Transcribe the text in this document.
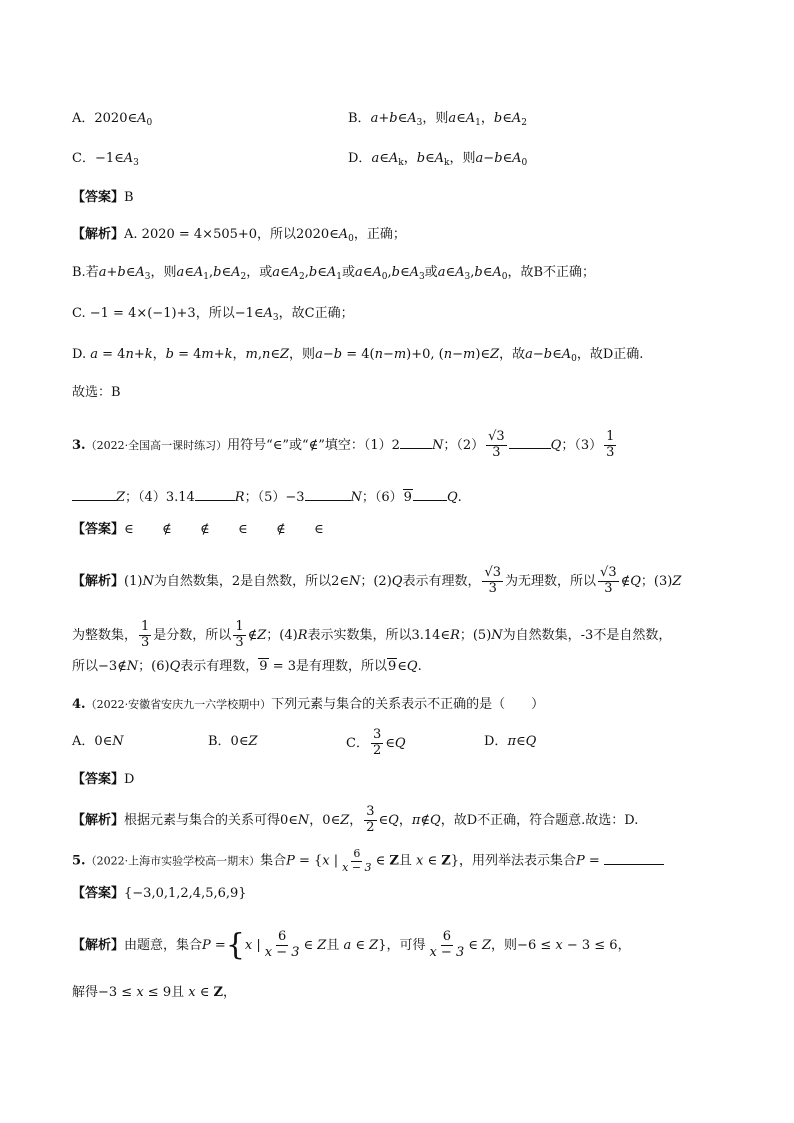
A．$2020\in A_0$	B．$a+b\in A_3$，则$a\in A_1$，$b\in A_2$
C．$-1\in A_3$	D．$a\in A_k$，$b\in A_k$，则$a-b\in A_0$
【答案】B
【解析】A. 2020 = 4×505+0，所以$2020\in A_0$，正确；
B.若$a+b\in A_3$，则$a\in A_1,b\in A_2$，或$a\in A_2,b\in A_1$或$a\in A_0,b\in A_3$或$a\in A_3,b\in A_0$，故B不正确；
C. −1 = 4×(−1)+3，所以$-1\in A_3$，故C正确；
D. a = 4n+k，b = 4m+k，m,n∈Z，则a−b = 4(n−m)+0, (n−m)∈Z，故$a-b\in A_0$，故D正确.
故选：B
3.（2022·全国高一课时练习）用符号“∈”或“∉”填空：（1）2 N；$(2) \frac{√3}{3}$	Q；$(3) \frac{1}{3}$
Z；（4）3.14	R；（5）−3	N；（6）9	Q.
【答案】∈ ∉ ∉ ∈ ∉ ∈
【解析】(1)N为自然数集，2是自然数，所以2∈N；(2)Q表示有理数， $\frac{√3}{3}$ 为无理数，所以 $\frac{√3}{3}$ ∉Q；(3)Z
为整数集， $\frac{1}{3}$ 是分数，所以 $\frac{1}{3}$ ∉Z；(4)R表示实数集，所以3.14∈R；(5)N为自然数集，-3不是自然数，
所以−3∉N；(6)Q表示有理数，9 = 3是有理数，所以9∈Q.
4.（2022·安徽省安庆九一六学校期中）下列元素与集合的关系表示不正确的是（　　）
A．0∈N	B．0∈Z	C． $\frac{3}{2}$ ∈Q	D．π∈Q
【答案】D
【解析】根据元素与集合的关系可得0∈N，0∈Z， $\frac{3}{2}$ ∈Q，π∉Q，故D不正确，符合题意.故选：D.
5.（2022·上海市实验学校高一期末）集合P = {x | $\frac{6}{x - 3}$ ∈ Z且 x ∈ Z}，用列举法表示集合P =
【答案】{−3,0,1,2,4,5,6,9}
【解析】由题意，集合P ={x | $\frac{6}{x - 3}$ ∈ Z且 a ∈ Z}，可得 $\frac{6}{x - 3}$ ∈ Z，则−6 ≤ x − 3 ≤ 6，
解得−3 ≤ x ≤ 9且 x ∈ Z，
